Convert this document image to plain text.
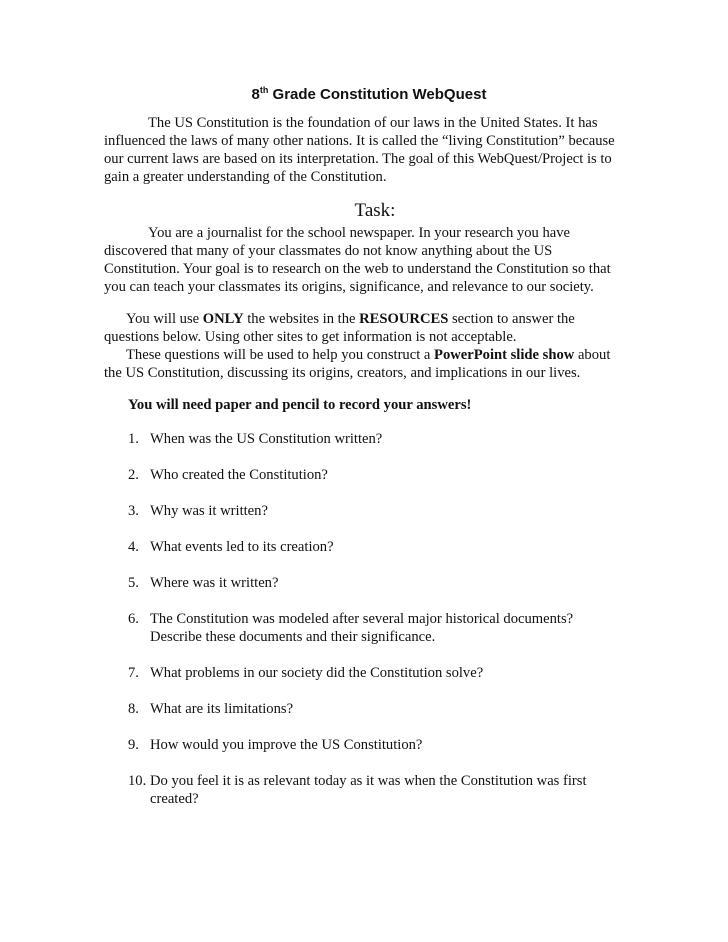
8th Grade Constitution WebQuest

The US Constitution is the foundation of our laws in the United States. It has influenced the laws of many other nations. It is called the “living Constitution” because our current laws are based on its interpretation. The goal of this WebQuest/Project is to gain a greater understanding of the Constitution.

Task:

You are a journalist for the school newspaper. In your research you have discovered that many of your classmates do not know anything about the US Constitution. Your goal is to research on the web to understand the Constitution so that you can teach your classmates its origins, significance, and relevance to our society.

You will use ONLY the websites in the RESOURCES section to answer the questions below. Using other sites to get information is not acceptable.

These questions will be used to help you construct a PowerPoint slide show about the US Constitution, discussing its origins, creators, and implications in our lives.

You will need paper and pencil to record your answers!

1. When was the US Constitution written?
2. Who created the Constitution?
3. Why was it written?
4. What events led to its creation?
5. Where was it written?
6. The Constitution was modeled after several major historical documents? Describe these documents and their significance.
7. What problems in our society did the Constitution solve?
8. What are its limitations?
9. How would you improve the US Constitution?
10. Do you feel it is as relevant today as it was when the Constitution was first created?
